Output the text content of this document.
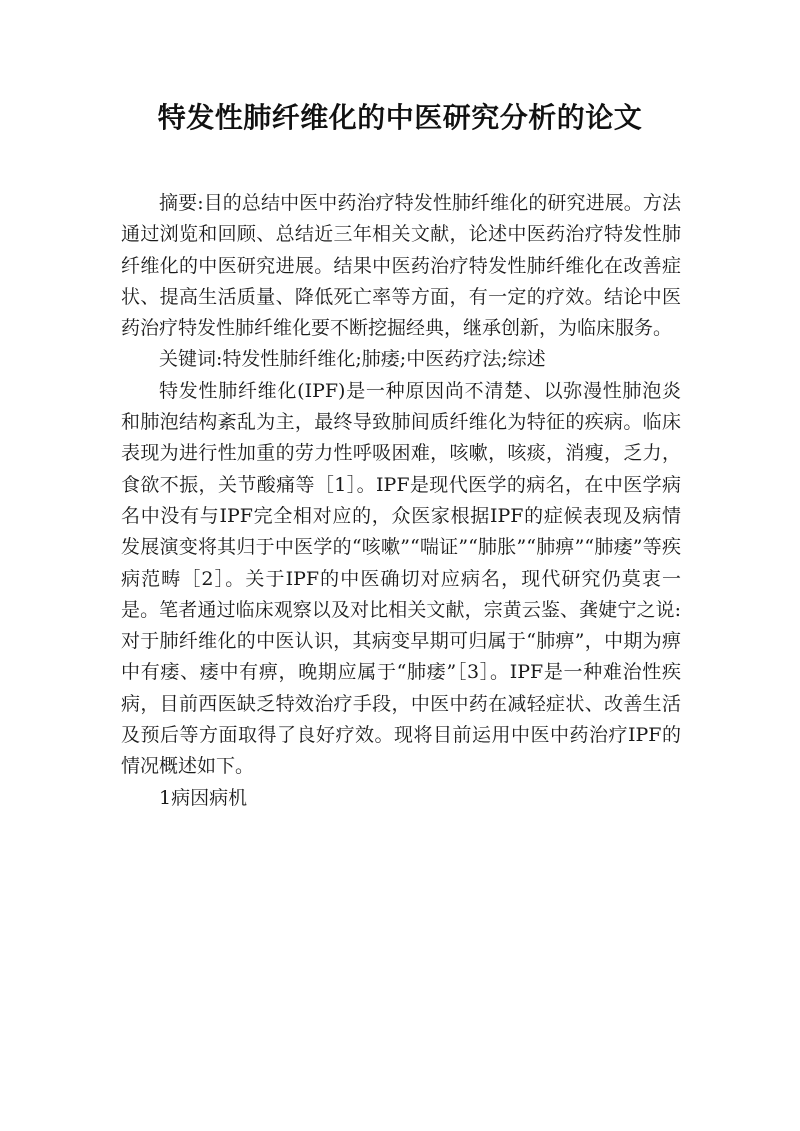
特发性肺纤维化的中医研究分析的论文

摘要:目的总结中医中药治疗特发性肺纤维化的研究进展。方法通过浏览和回顾、总结近三年相关文献，论述中医药治疗特发性肺纤维化的中医研究进展。结果中医药治疗特发性肺纤维化在改善症状、提高生活质量、降低死亡率等方面，有一定的疗效。结论中医药治疗特发性肺纤维化要不断挖掘经典，继承创新，为临床服务。

关键词:特发性肺纤维化;肺痿;中医药疗法;综述

特发性肺纤维化(IPF)是一种原因尚不清楚、以弥漫性肺泡炎和肺泡结构紊乱为主，最终导致肺间质纤维化为特征的疾病。临床表现为进行性加重的劳力性呼吸困难，咳嗽，咳痰，消瘦，乏力，食欲不振，关节酸痛等［1］。IPF是现代医学的病名，在中医学病名中没有与IPF完全相对应的，众医家根据IPF的症候表现及病情发展演变将其归于中医学的“咳嗽”“喘证”“肺胀”“肺痹”“肺痿”等疾病范畴［2］。关于IPF的中医确切对应病名，现代研究仍莫衷一是。笔者通过临床观察以及对比相关文献，宗黄云鉴、龚婕宁之说:对于肺纤维化的中医认识，其病变早期可归属于“肺痹”，中期为痹中有痿、痿中有痹，晚期应属于“肺痿”［3］。IPF是一种难治性疾病，目前西医缺乏特效治疗手段，中医中药在减轻症状、改善生活及预后等方面取得了良好疗效。现将目前运用中医中药治疗IPF的情况概述如下。

1病因病机
